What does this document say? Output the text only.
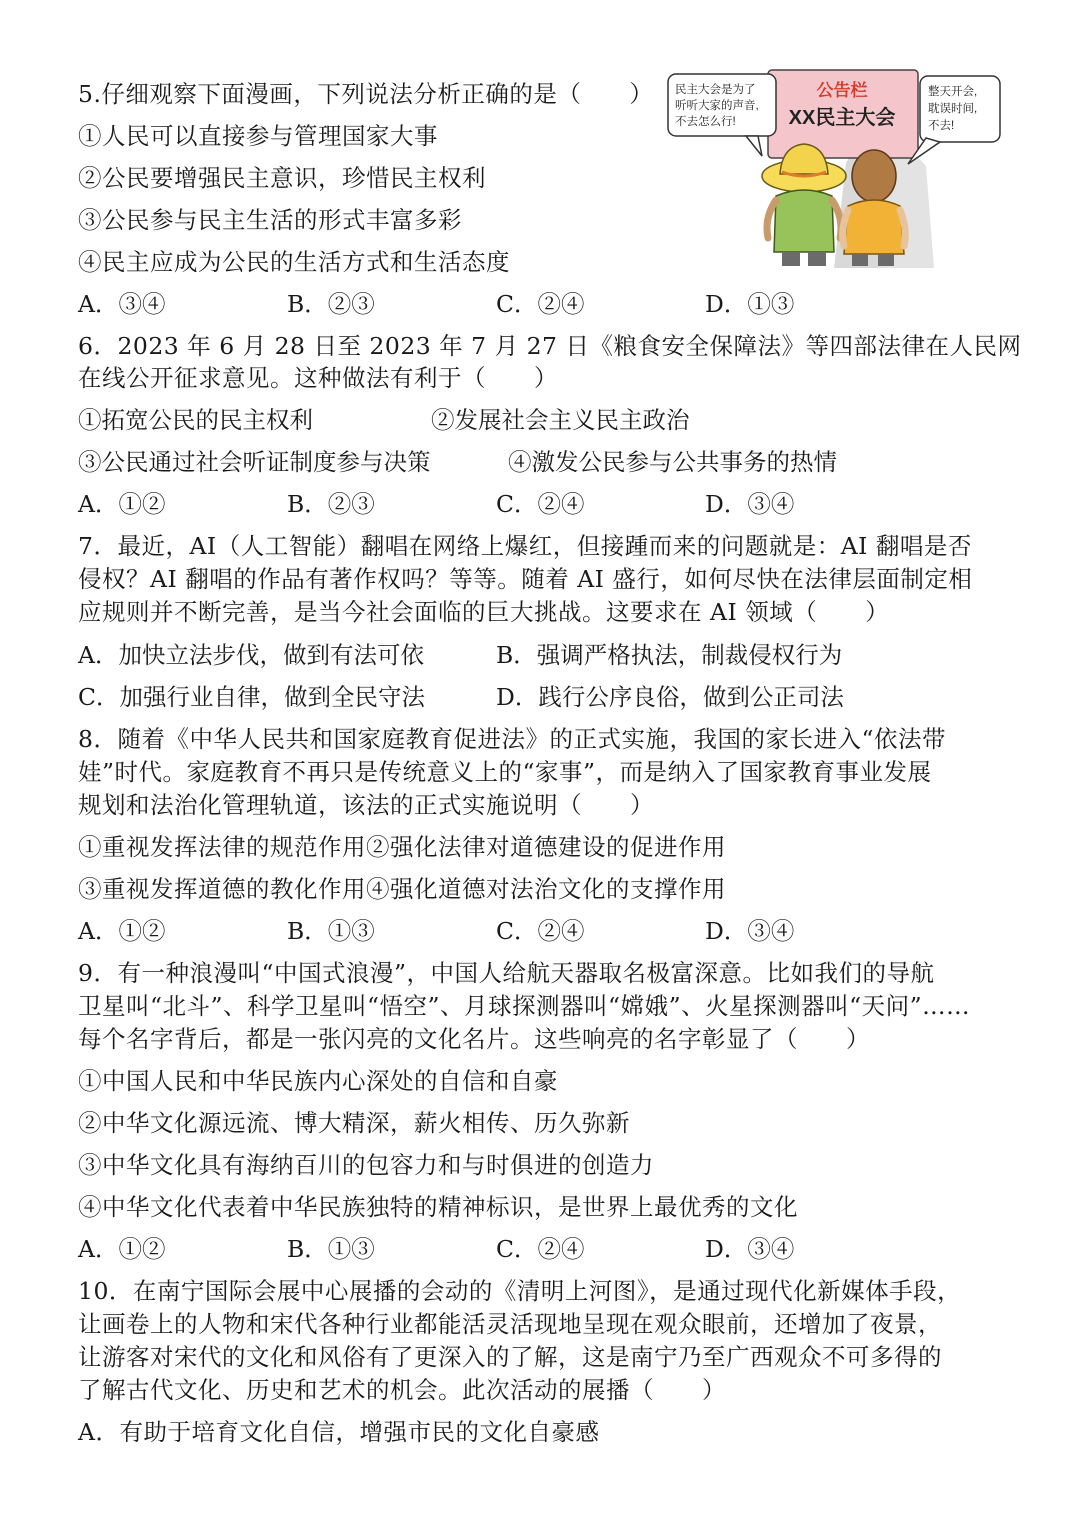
5.仔细观察下面漫画，下列说法分析正确的是（　　）
①人民可以直接参与管理国家大事
②公民要增强民主意识，珍惜民主权利
③公民参与民主生活的形式丰富多彩
④民主应成为公民的生活方式和生活态度
A．③④	B．②③	C．②④	D．①③
6．2023 年 6 月 28 日至 2023 年 7 月 27 日《粮食安全保障法》等四部法律在人民网
在线公开征求意见。这种做法有利于（　　）
①拓宽公民的民主权利	②发展社会主义民主政治
③公民通过社会听证制度参与决策	④激发公民参与公共事务的热情
A．①②	B．②③	C．②④	D．③④
7．最近，AI（人工智能）翻唱在网络上爆红，但接踵而来的问题就是：AI 翻唱是否
侵权？AI 翻唱的作品有著作权吗？等等。随着 AI 盛行，如何尽快在法律层面制定相
应规则并不断完善，是当今社会面临的巨大挑战。这要求在 AI 领域（　　）
A．加快立法步伐，做到有法可依	B．强调严格执法，制裁侵权行为
C．加强行业自律，做到全民守法	D．践行公序良俗，做到公正司法
8．随着《中华人民共和国家庭教育促进法》的正式实施，我国的家长进入“依法带
娃”时代。家庭教育不再只是传统意义上的“家事”，而是纳入了国家教育事业发展
规划和法治化管理轨道，该法的正式实施说明（　　）
①重视发挥法律的规范作用②强化法律对道德建设的促进作用
③重视发挥道德的教化作用④强化道德对法治文化的支撑作用
A．①②	B．①③	C．②④	D．③④
9．有一种浪漫叫“中国式浪漫”，中国人给航天器取名极富深意。比如我们的导航
卫星叫“北斗”、科学卫星叫“悟空”、月球探测器叫“嫦娥”、火星探测器叫“天问”……
每个名字背后，都是一张闪亮的文化名片。这些响亮的名字彰显了（　　）
①中国人民和中华民族内心深处的自信和自豪
②中华文化源远流、博大精深，薪火相传、历久弥新
③中华文化具有海纳百川的包容力和与时俱进的创造力
④中华文化代表着中华民族独特的精神标识，是世界上最优秀的文化
A．①②	B．①③	C．②④	D．③④
10．在南宁国际会展中心展播的会动的《清明上河图》，是通过现代化新媒体手段，
让画卷上的人物和宋代各种行业都能活灵活现地呈现在观众眼前，还增加了夜景，
让游客对宋代的文化和风俗有了更深入的了解，这是南宁乃至广西观众不可多得的
了解古代文化、历史和艺术的机会。此次活动的展播（　　）
A．有助于培育文化自信，增强市民的文化自豪感
公告栏
XX民主大会
民主大会是为了 听听大家的声音, 不去怎么行!
整天开会, 耽误时间, 不去!
